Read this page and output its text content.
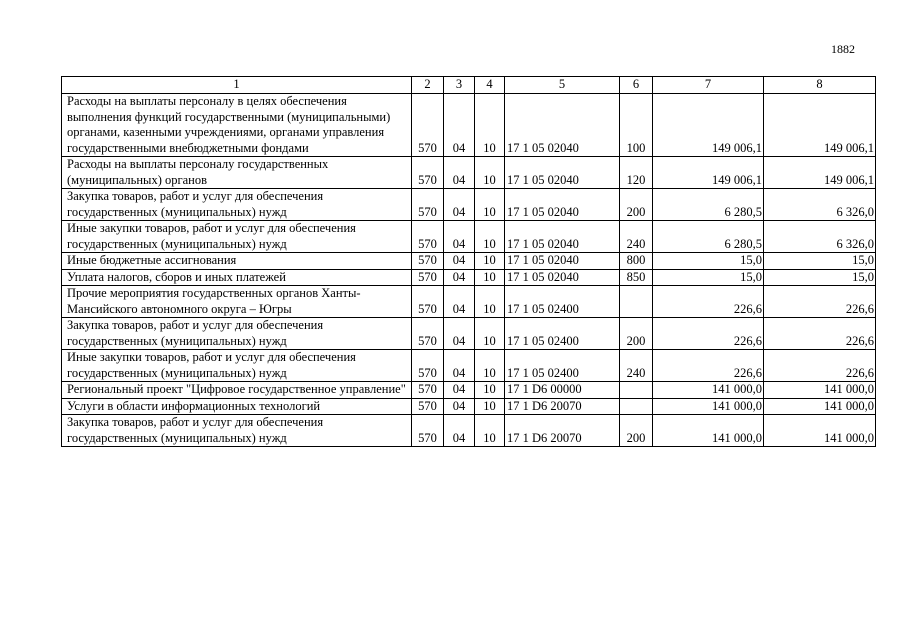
1882
1	2	3	4	5	6	7	8
Расходы на выплаты персоналу в целях обеспечения выполнения функций государственными (муниципальными) органами, казенными учреждениями, органами управления государственными внебюджетными фондами	570	04	10	17 1 05 02040	100	149 006,1	149 006,1
Расходы на выплаты персоналу государственных (муниципальных) органов	570	04	10	17 1 05 02040	120	149 006,1	149 006,1
Закупка товаров, работ и услуг для обеспечения государственных (муниципальных) нужд	570	04	10	17 1 05 02040	200	6 280,5	6 326,0
Иные закупки товаров, работ и услуг для обеспечения государственных (муниципальных) нужд	570	04	10	17 1 05 02040	240	6 280,5	6 326,0
Иные бюджетные ассигнования	570	04	10	17 1 05 02040	800	15,0	15,0
Уплата налогов, сборов и иных платежей	570	04	10	17 1 05 02040	850	15,0	15,0
Прочие мероприятия государственных органов Ханты-Мансийского автономного округа – Югры	570	04	10	17 1 05 02400		226,6	226,6
Закупка товаров, работ и услуг для обеспечения государственных (муниципальных) нужд	570	04	10	17 1 05 02400	200	226,6	226,6
Иные закупки товаров, работ и услуг для обеспечения государственных (муниципальных) нужд	570	04	10	17 1 05 02400	240	226,6	226,6
Региональный проект "Цифровое государственное управление"	570	04	10	17 1 D6 00000		141 000,0	141 000,0
Услуги в области информационных технологий	570	04	10	17 1 D6 20070		141 000,0	141 000,0
Закупка товаров, работ и услуг для обеспечения государственных (муниципальных) нужд	570	04	10	17 1 D6 20070	200	141 000,0	141 000,0
